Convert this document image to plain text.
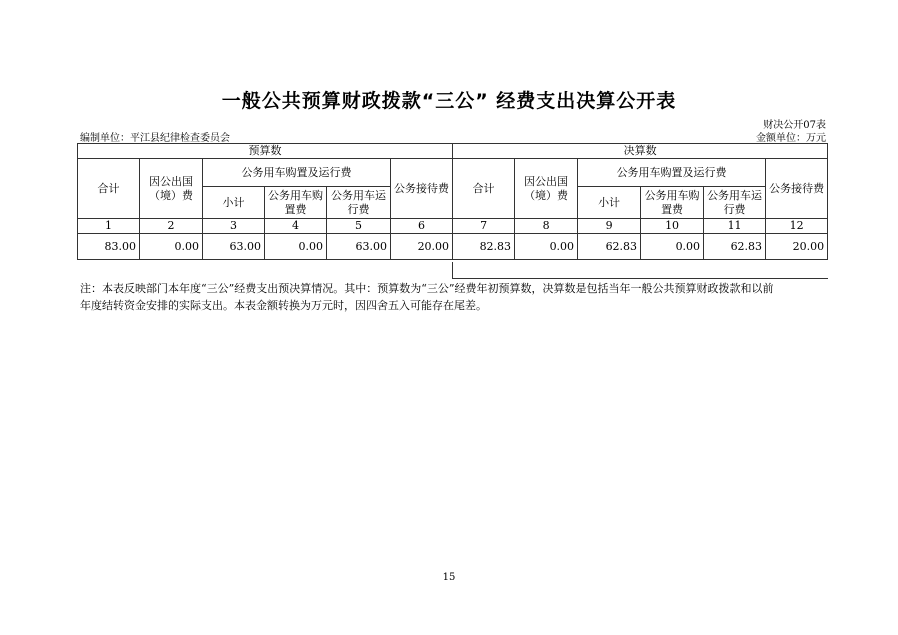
一般公共预算财政拨款“三公” 经费支出决算公开表
财决公开07表
编制单位：平江县纪律检查委员会	金额单位：万元
预算数						决算数					
合计	因公出国（境）费	公务用车购置及运行费			公务接待费	合计	因公出国（境）费	公务用车购置及运行费			公务接待费
		小计	公务用车购置费	公务用车运行费				小计	公务用车购置费	公务用车运行费	
1	2	3	4	5	6	7	8	9	10	11	12
83.00	0.00	63.00	0.00	63.00	20.00	82.83	0.00	62.83	0.00	62.83	20.00
注：本表反映部门本年度“三公”经费支出预决算情况。其中：预算数为“三公”经费年初预算数，决算数是包括当年一般公共预算财政拨款和以前年度结转资金安排的实际支出。本表金额转换为万元时，因四舍五入可能存在尾差。
15
